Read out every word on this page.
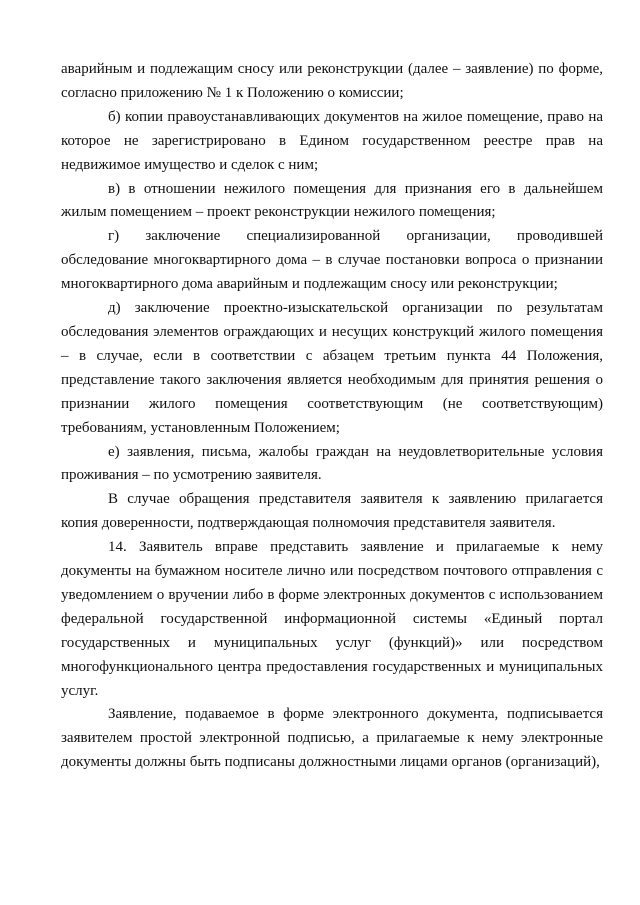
аварийным и подлежащим сносу или реконструкции (далее – заявление) по форме, согласно приложению № 1 к Положению о комиссии;

б) копии правоустанавливающих документов на жилое помещение, право на которое не зарегистрировано в Едином государственном реестре прав на недвижимое имущество и сделок с ним;

в) в отношении нежилого помещения для признания его в дальнейшем жилым помещением – проект реконструкции нежилого помещения;

г) заключение специализированной организации, проводившей обследование многоквартирного дома – в случае постановки вопроса о признании многоквартирного дома аварийным и подлежащим сносу или реконструкции;

д) заключение проектно-изыскательской организации по результатам обследования элементов ограждающих и несущих конструкций жилого помещения – в случае, если в соответствии с абзацем третьим пункта 44 Положения, представление такого заключения является необходимым для принятия решения о признании жилого помещения соответствующим (не соответствующим) требованиям, установленным Положением;

е) заявления, письма, жалобы граждан на неудовлетворительные условия проживания – по усмотрению заявителя.

В случае обращения представителя заявителя к заявлению прилагается копия доверенности, подтверждающая полномочия представителя заявителя.

14. Заявитель вправе представить заявление и прилагаемые к нему документы на бумажном носителе лично или посредством почтового отправления с уведомлением о вручении либо в форме электронных документов с использованием федеральной государственной информационной системы «Единый портал государственных и муниципальных услуг (функций)» или посредством многофункционального центра предоставления государственных и муниципальных услуг.

Заявление, подаваемое в форме электронного документа, подписывается заявителем простой электронной подписью, а прилагаемые к нему электронные документы должны быть подписаны должностными лицами органов (организаций),
